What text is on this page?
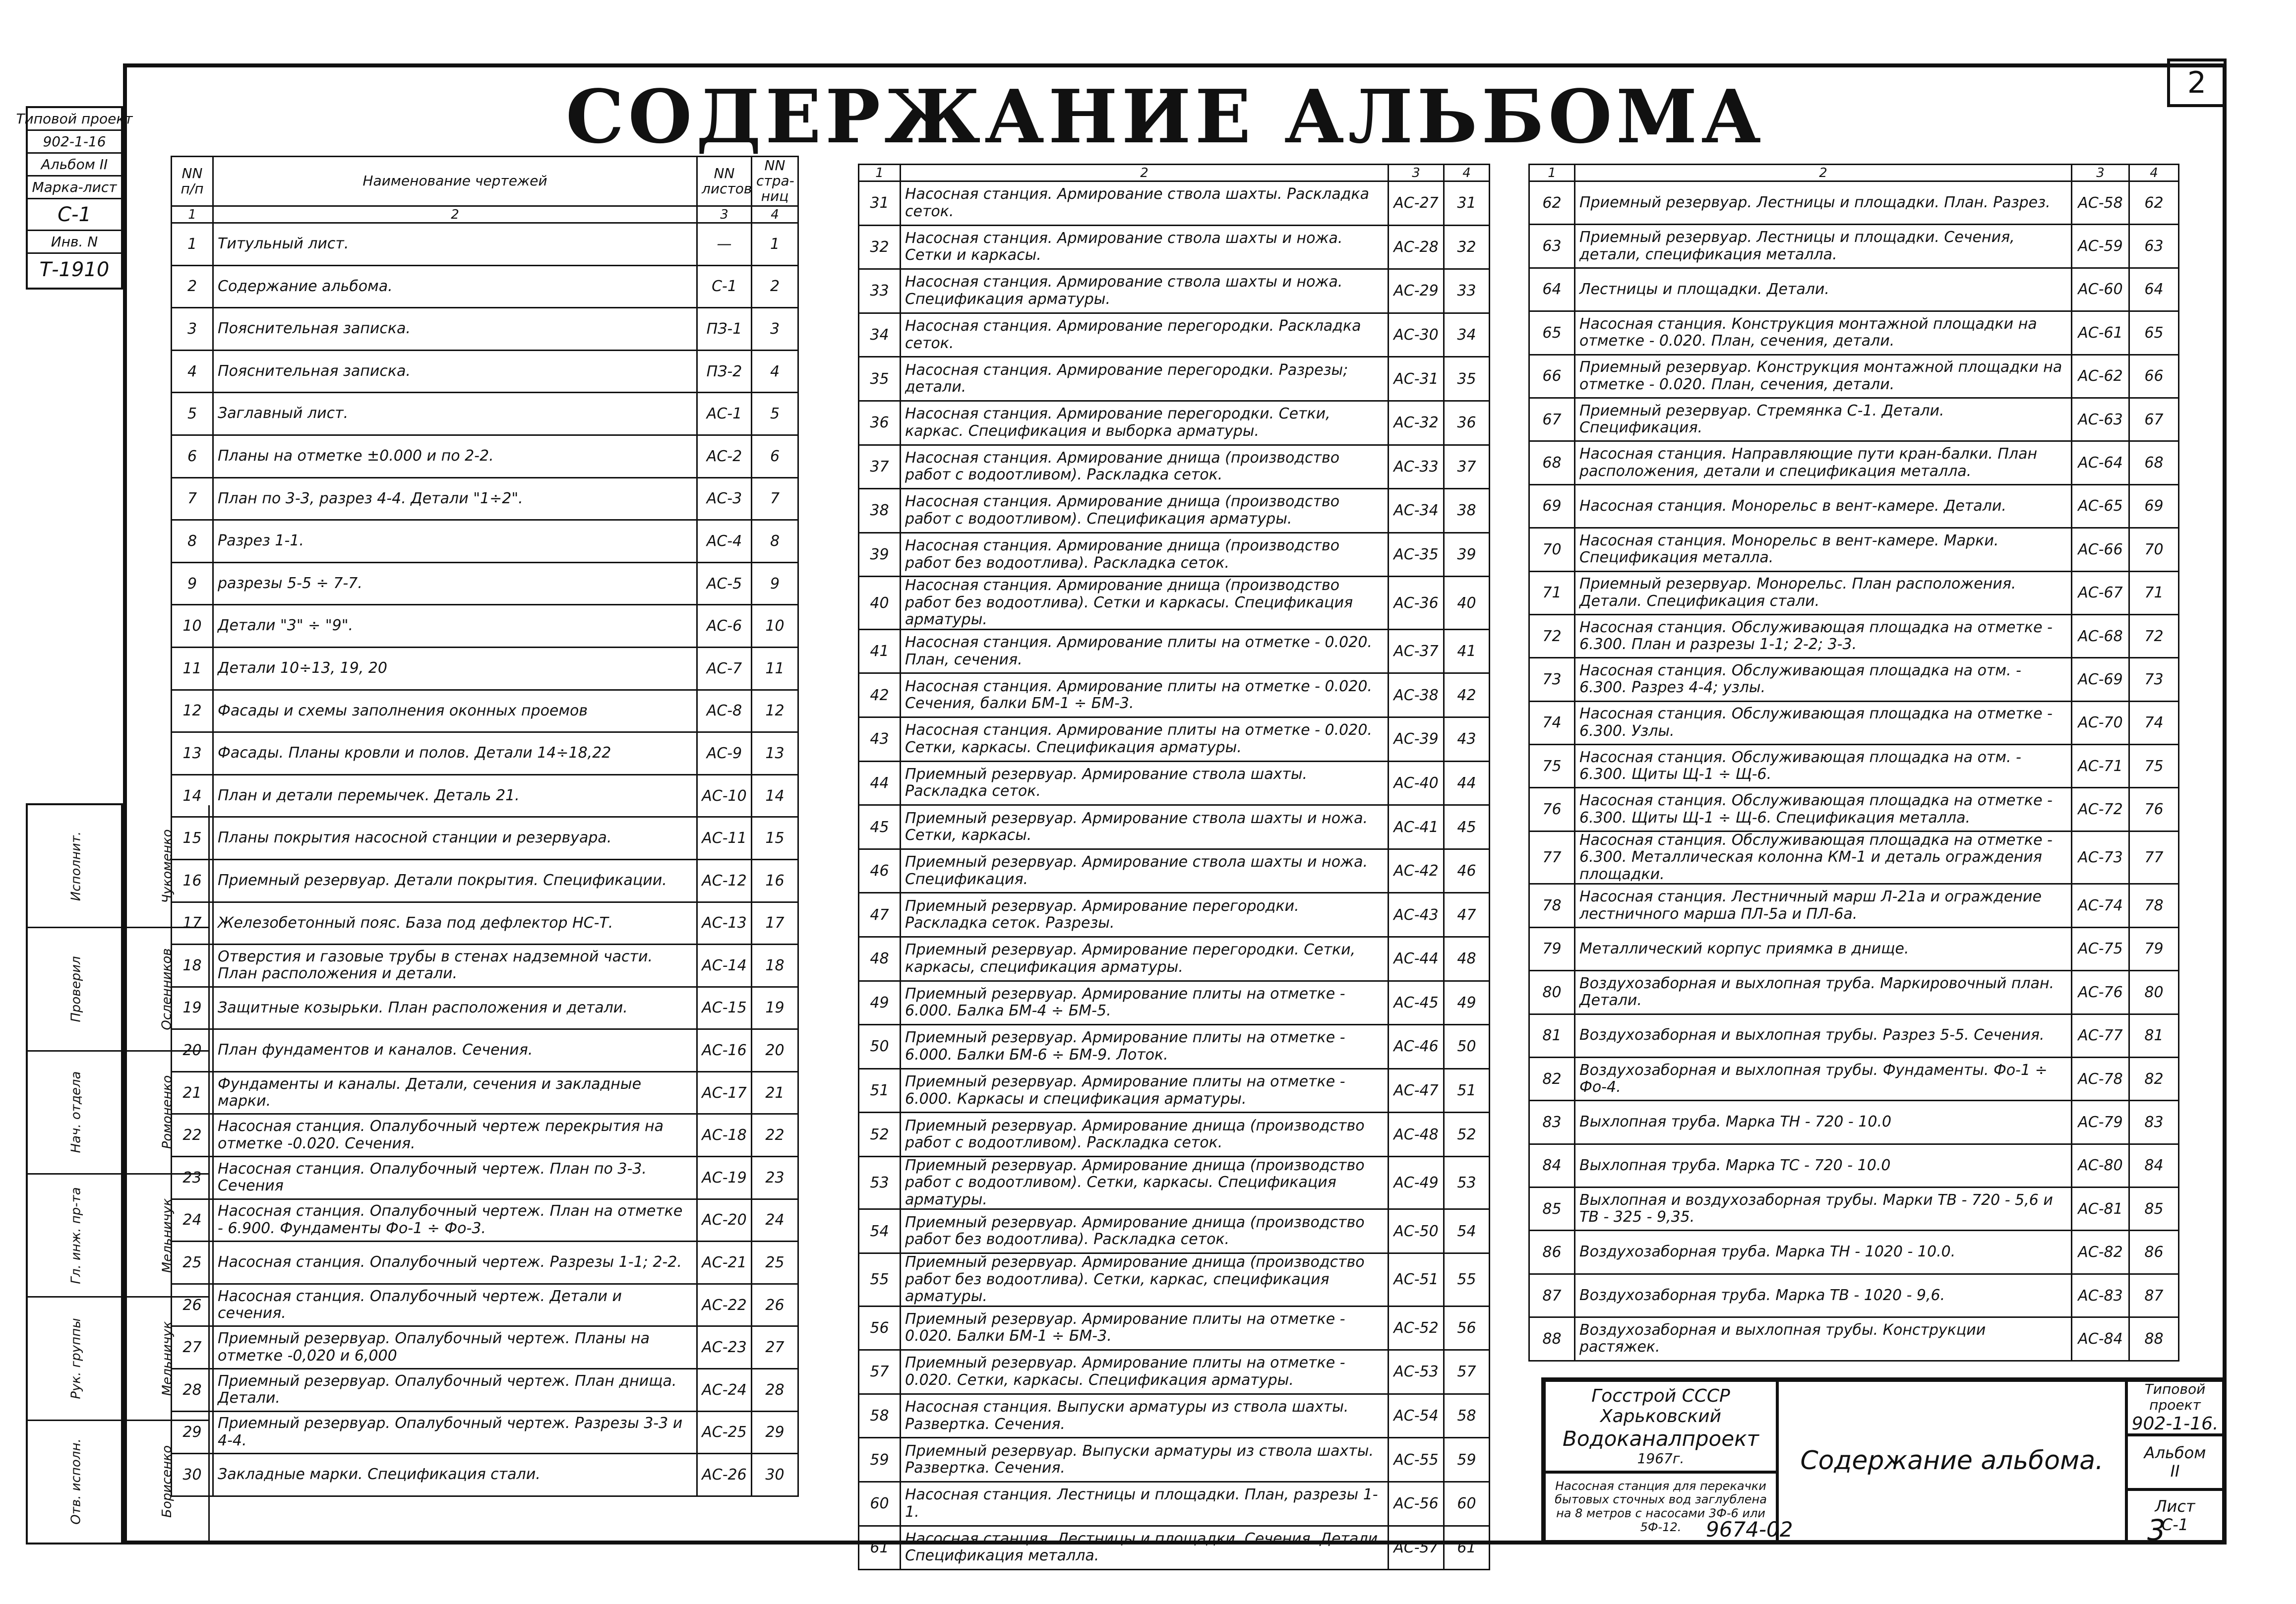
2
СОДЕРЖАНИЕ АЛЬБОМА
Типовой проект
902-1-16
Альбом II
Марка-лист
С-1
Инв. N
Т-1910
Исполнит.
Проверил
Нач. отдела
Гл. инж. пр-та
Рук. группы
Отв. исполн.
Чукоменко
Осленников
Ромоненко
Мельничук
Мельничук
Борисенко
NN п/п	Наименование чертежей	NN листов	NN стра-ниц
1	2	3	4
1	Титульный лист.	—	1
2	Содержание альбома.	С-1	2
3	Пояснительная записка.	ПЗ-1	3
4	Пояснительная записка.	ПЗ-2	4
5	Заглавный лист.	АС-1	5
6	Планы на отметке ±0.000 и по 2-2.	АС-2	6
7	План по 3-3, разрез 4-4. Детали "1÷2".	АС-3	7
8	Разрез 1-1.	АС-4	8
9	разрезы 5-5 ÷ 7-7.	АС-5	9
10	Детали "3" ÷ "9".	АС-6	10
11	Детали 10÷13, 19, 20	АС-7	11
12	Фасады и схемы заполнения оконных проемов	АС-8	12
13	Фасады. Планы кровли и полов. Детали 14÷18,22	АС-9	13
14	План и детали перемычек. Деталь 21.	АС-10	14
15	Планы покрытия насосной станции и резервуара.	АС-11	15
16	Приемный резервуар. Детали покрытия. Спецификации.	АС-12	16
17	Железобетонный пояс. База под дефлектор НС-Т.	АС-13	17
18	Отверстия и газовые трубы в стенах надземной части. План расположения и детали.	АС-14	18
19	Защитные козырьки. План расположения и детали.	АС-15	19
20	План фундаментов и каналов. Сечения.	АС-16	20
21	Фундаменты и каналы. Детали, сечения и закладные марки.	АС-17	21
22	Насосная станция. Опалубочный чертеж перекрытия на отметке -0.020. Сечения.	АС-18	22
23	Насосная станция. Опалубочный чертеж. План по 3-3. Сечения	АС-19	23
24	Насосная станция. Опалубочный чертеж. План на отметке - 6.900. Фундаменты Фо-1 ÷ Фо-3.	АС-20	24
25	Насосная станция. Опалубочный чертеж. Разрезы 1-1; 2-2.	АС-21	25
26	Насосная станция. Опалубочный чертеж. Детали и сечения.	АС-22	26
27	Приемный резервуар. Опалубочный чертеж. Планы на отметке -0,020 и 6,000	АС-23	27
28	Приемный резервуар. Опалубочный чертеж. План днища. Детали.	АС-24	28
29	Приемный резервуар. Опалубочный чертеж. Разрезы 3-3 и 4-4.	АС-25	29
30	Закладные марки. Спецификация стали.	АС-26	30
1	2	3	4
31	Насосная станция. Армирование ствола шахты. Раскладка сеток.	АС-27	31
32	Насосная станция. Армирование ствола шахты и ножа. Сетки и каркасы.	АС-28	32
33	Насосная станция. Армирование ствола шахты и ножа. Спецификация арматуры.	АС-29	33
34	Насосная станция. Армирование перегородки. Раскладка сеток.	АС-30	34
35	Насосная станция. Армирование перегородки. Разрезы; детали.	АС-31	35
36	Насосная станция. Армирование перегородки. Сетки, каркас. Спецификация и выборка арматуры.	АС-32	36
37	Насосная станция. Армирование днища (производство работ с водоотливом). Раскладка сеток.	АС-33	37
38	Насосная станция. Армирование днища (производство работ с водоотливом). Спецификация арматуры.	АС-34	38
39	Насосная станция. Армирование днища (производство работ без водоотлива). Раскладка сеток.	АС-35	39
40	Насосная станция. Армирование днища (производство работ без водоотлива). Сетки и каркасы. Спецификация арматуры.	АС-36	40
41	Насосная станция. Армирование плиты на отметке - 0.020. План, сечения.	АС-37	41
42	Насосная станция. Армирование плиты на отметке - 0.020. Сечения, балки БМ-1 ÷ БМ-3.	АС-38	42
43	Насосная станция. Армирование плиты на отметке - 0.020. Сетки, каркасы. Спецификация арматуры.	АС-39	43
44	Приемный резервуар. Армирование ствола шахты. Раскладка сеток.	АС-40	44
45	Приемный резервуар. Армирование ствола шахты и ножа. Сетки, каркасы.	АС-41	45
46	Приемный резервуар. Армирование ствола шахты и ножа. Спецификация.	АС-42	46
47	Приемный резервуар. Армирование перегородки. Раскладка сеток. Разрезы.	АС-43	47
48	Приемный резервуар. Армирование перегородки. Сетки, каркасы, спецификация арматуры.	АС-44	48
49	Приемный резервуар. Армирование плиты на отметке - 6.000. Балка БМ-4 ÷ БМ-5.	АС-45	49
50	Приемный резервуар. Армирование плиты на отметке - 6.000. Балки БМ-6 ÷ БМ-9. Лоток.	АС-46	50
51	Приемный резервуар. Армирование плиты на отметке - 6.000. Каркасы и спецификация арматуры.	АС-47	51
52	Приемный резервуар. Армирование днища (производство работ с водоотливом). Раскладка сеток.	АС-48	52
53	Приемный резервуар. Армирование днища (производство работ с водоотливом). Сетки, каркасы. Спецификация арматуры.	АС-49	53
54	Приемный резервуар. Армирование днища (производство работ без водоотлива). Раскладка сеток.	АС-50	54
55	Приемный резервуар. Армирование днища (производство работ без водоотлива). Сетки, каркас, спецификация арматуры.	АС-51	55
56	Приемный резервуар. Армирование плиты на отметке - 0.020. Балки БМ-1 ÷ БМ-3.	АС-52	56
57	Приемный резервуар. Армирование плиты на отметке - 0.020. Сетки, каркасы. Спецификация арматуры.	АС-53	57
58	Насосная станция. Выпуски арматуры из ствола шахты. Развертка. Сечения.	АС-54	58
59	Приемный резервуар. Выпуски арматуры из ствола шахты. Развертка. Сечения.	АС-55	59
60	Насосная станция. Лестницы и площадки. План, разрезы 1-1.	АС-56	60
61	Насосная станция. Лестницы и площадки. Сечения. Детали. Спецификация металла.	АС-57	61
1	2	3	4
62	Приемный резервуар. Лестницы и площадки. План. Разрез.	АС-58	62
63	Приемный резервуар. Лестницы и площадки. Сечения, детали, спецификация металла.	АС-59	63
64	Лестницы и площадки. Детали.	АС-60	64
65	Насосная станция. Конструкция монтажной площадки на отметке - 0.020. План, сечения, детали.	АС-61	65
66	Приемный резервуар. Конструкция монтажной площадки на отметке - 0.020. План, сечения, детали.	АС-62	66
67	Приемный резервуар. Стремянка С-1. Детали. Спецификация.	АС-63	67
68	Насосная станция. Направляющие пути кран-балки. План расположения, детали и спецификация металла.	АС-64	68
69	Насосная станция. Монорельс в вент-камере. Детали.	АС-65	69
70	Насосная станция. Монорельс в вент-камере. Марки. Спецификация металла.	АС-66	70
71	Приемный резервуар. Монорельс. План расположения. Детали. Спецификация стали.	АС-67	71
72	Насосная станция. Обслуживающая площадка на отметке - 6.300. План и разрезы 1-1; 2-2; 3-3.	АС-68	72
73	Насосная станция. Обслуживающая площадка на отм. - 6.300. Разрез 4-4; узлы.	АС-69	73
74	Насосная станция. Обслуживающая площадка на отметке - 6.300. Узлы.	АС-70	74
75	Насосная станция. Обслуживающая площадка на отм. - 6.300. Щиты Щ-1 ÷ Щ-6.	АС-71	75
76	Насосная станция. Обслуживающая площадка на отметке - 6.300. Щиты Щ-1 ÷ Щ-6. Спецификация металла.	АС-72	76
77	Насосная станция. Обслуживающая площадка на отметке - 6.300. Металлическая колонна КМ-1 и деталь ограждения площадки.	АС-73	77
78	Насосная станция. Лестничный марш Л-21а и ограждение лестничного марша ПЛ-5а и ПЛ-6а.	АС-74	78
79	Металлический корпус приямка в днище.	АС-75	79
80	Воздухозаборная и выхлопная труба. Маркировочный план. Детали.	АС-76	80
81	Воздухозаборная и выхлопная трубы. Разрез 5-5. Сечения.	АС-77	81
82	Воздухозаборная и выхлопная трубы. Фундаменты. Фо-1 ÷ Фо-4.	АС-78	82
83	Выхлопная труба. Марка ТН - 720 - 10.0	АС-79	83
84	Выхлопная труба. Марка ТС - 720 - 10.0	АС-80	84
85	Выхлопная и воздухозаборная трубы. Марки ТВ - 720 - 5,6 и ТВ - 325 - 9,35.	АС-81	85
86	Воздухозаборная труба. Марка ТН - 1020 - 10.0.	АС-82	86
87	Воздухозаборная труба. Марка ТВ - 1020 - 9,6.	АС-83	87
88	Воздухозаборная и выхлопная трубы. Конструкции растяжек.	АС-84	88
Госстрой СССР
Харьковский
Водоканалпроект
1967г.
Насосная станция для перекачки бытовых сточных вод заглублена на 8 метров с насосами 3Ф-6 или 5Ф-12.
Содержание альбома.
Типовой проект
902-1-16.
Альбом
II
Лист
С-1
9674-02	3
